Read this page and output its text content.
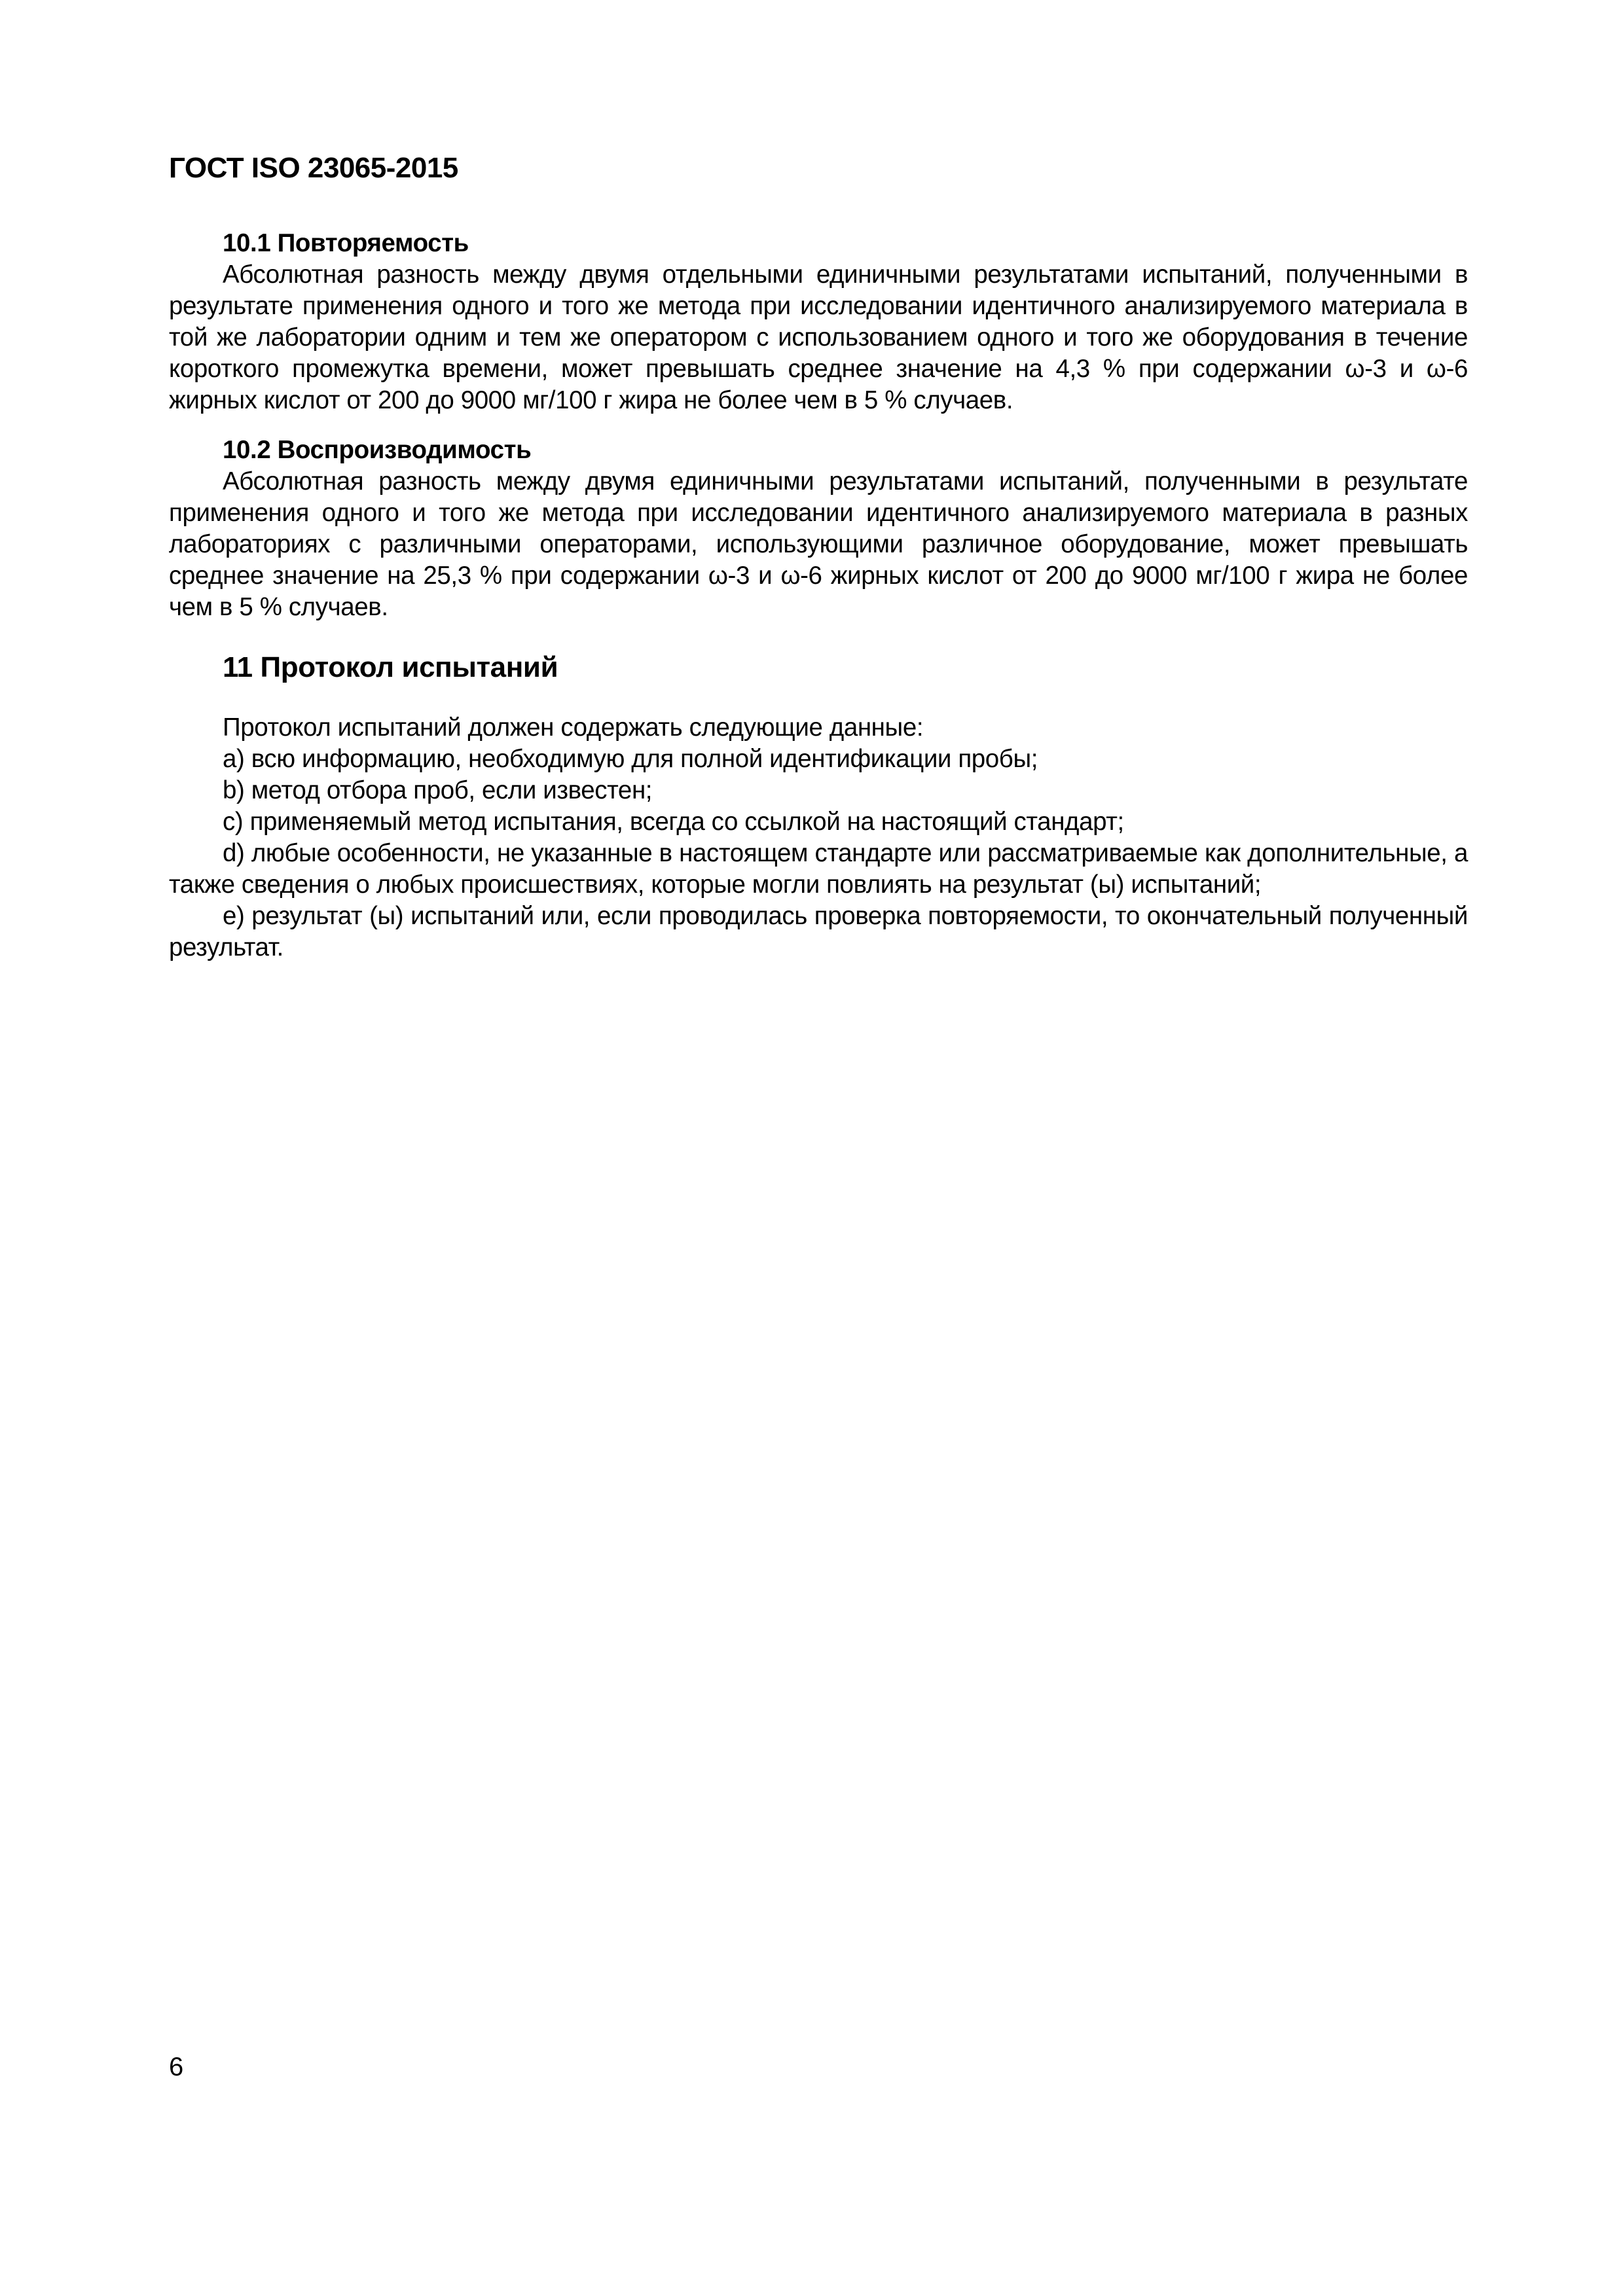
ГОСТ ISO 23065-2015
10.1 Повторяемость
Абсолютная разность между двумя отдельными единичными результатами испытаний, полученными в результате применения одного и того же метода при исследовании идентичного анализируемого материала в той же лаборатории одним и тем же оператором с использованием одного и того же оборудования в течение короткого промежутка времени, может превышать среднее значение на 4,3 % при содержании ω-3 и ω-6 жирных кислот от 200 до 9000 мг/100 г жира не более чем в 5 % случаев.
10.2 Воспроизводимость
Абсолютная разность между двумя единичными результатами испытаний, полученными в результате применения одного и того же метода при исследовании идентичного анализируемого материала в разных лабораториях с различными операторами, использующими различное оборудование, может превышать среднее значение на 25,3 % при содержании ω-3 и ω-6 жирных кислот от 200 до 9000 мг/100 г жира не более чем в 5 % случаев.
11 Протокол испытаний
Протокол испытаний должен содержать следующие данные:
a) всю информацию, необходимую для полной идентификации пробы;
b) метод отбора проб, если известен;
c) применяемый метод испытания, всегда со ссылкой на настоящий стандарт;
d) любые особенности, не указанные в настоящем стандарте или рассматриваемые как дополнительные, а также сведения о любых происшествиях, которые могли повлиять на результат (ы) испытаний;
e) результат (ы) испытаний или, если проводилась проверка повторяемости, то окончательный полученный результат.
6
